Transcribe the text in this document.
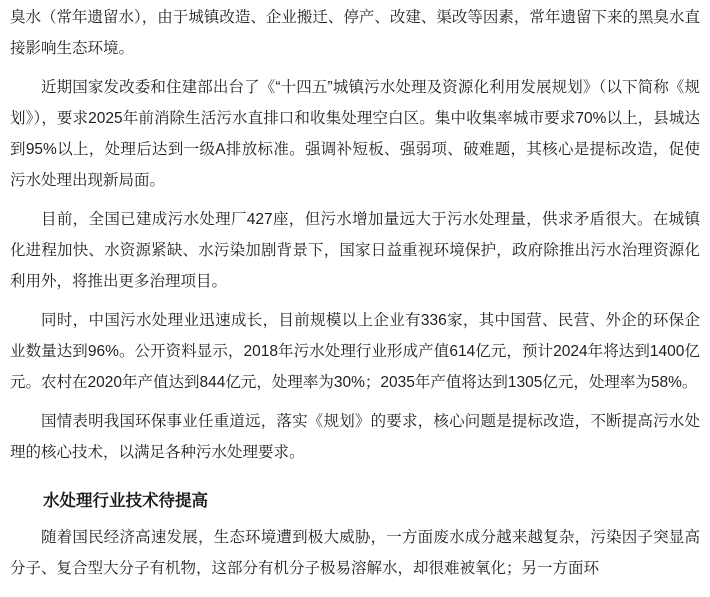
臭水（常年遗留水），由于城镇改造、企业搬迁、停产、改建、渠改等因素，常年遗留下来的黑臭水直接影响生态环境。

近期国家发改委和住建部出台了《“十四五”城镇污水处理及资源化利用发展规划》（以下简称《规划》），要求2025年前消除生活污水直排口和收集处理空白区。集中收集率城市要求70%以上，县城达到95%以上，处理后达到一级A排放标准。强调补短板、强弱项、破难题，其核心是提标改造，促使污水处理出现新局面。

目前，全国已建成污水处理厂427座，但污水增加量远大于污水处理量，供求矛盾很大。在城镇化进程加快、水资源紧缺、水污染加剧背景下，国家日益重视环境保护，政府除推出污水治理资源化利用外，将推出更多治理项目。

同时，中国污水处理业迅速成长，目前规模以上企业有336家，其中国营、民营、外企的环保企业数量达到96%。公开资料显示，2018年污水处理行业形成产值614亿元，预计2024年将达到1400亿元。农村在2020年产值达到844亿元，处理率为30%；2035年产值将达到1305亿元，处理率为58%。

国情表明我国环保事业任重道远，落实《规划》的要求，核心问题是提标改造，不断提高污水处理的核心技术，以满足各种污水处理要求。

水处理行业技术待提高

随着国民经济高速发展，生态环境遭到极大威胁，一方面废水成分越来越复杂，污染因子突显高分子、复合型大分子有机物，这部分有机分子极易溶解水，却很难被氧化；另一方面环
